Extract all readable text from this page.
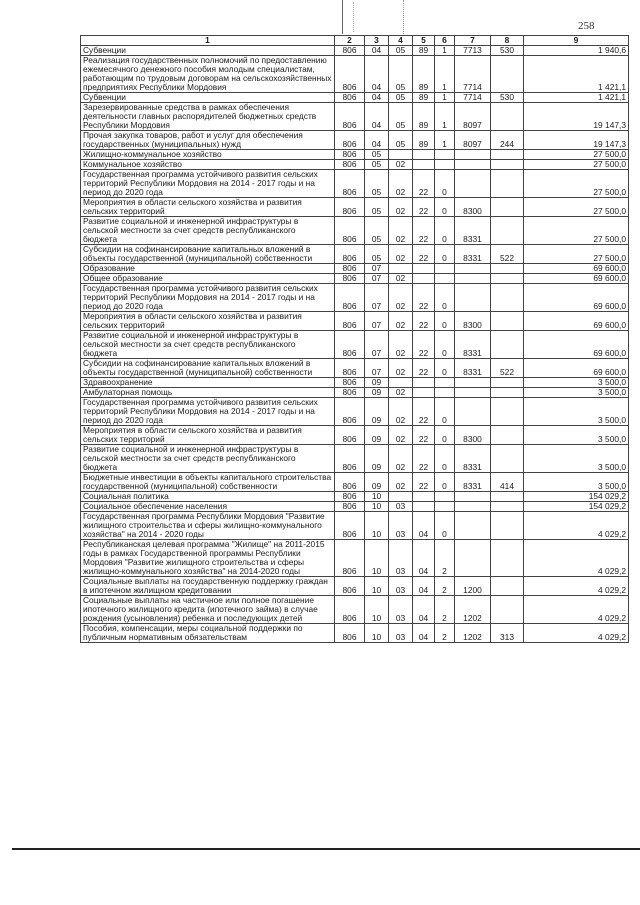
258
1	2	3	4	5	6	7	8	9
Субвенции	806	04	05	89	1	7713	530	1 940,6
Реализация государственных полномочий по предоставлению ежемесячного денежного пособия молодым специалистам, работающим по трудовым договорам на сельскохозяйственных предприятиях Республики Мордовия	806	04	05	89	1	7714		1 421,1
Субвенции	806	04	05	89	1	7714	530	1 421,1
Зарезервированные средства в рамках обеспечения деятельности главных распорядителей бюджетных средств Республики Мордовия	806	04	05	89	1	8097		19 147,3
Прочая закупка товаров, работ и услуг для обеспечения государственных (муниципальных) нужд	806	04	05	89	1	8097	244	19 147,3
Жилищно-коммунальное хозяйство	806	05						27 500,0
Коммунальное хозяйство	806	05	02					27 500,0
Государственная программа устойчивого развития сельских территорий Республики Мордовия на 2014 - 2017 годы и на период до 2020 года	806	05	02	22	0			27 500,0
Мероприятия в области сельского хозяйства и развития сельских территорий	806	05	02	22	0	8300		27 500,0
Развитие социальной и инженерной инфраструктуры в сельской местности за счет средств республиканского бюджета	806	05	02	22	0	8331		27 500,0
Субсидии на софинансирование капитальных вложений в объекты государственной (муниципальной) собственности	806	05	02	22	0	8331	522	27 500,0
Образование	806	07						69 600,0
Общее образование	806	07	02					69 600,0
Государственная программа устойчивого развития сельских территорий Республики Мордовия на 2014 - 2017 годы и на период до 2020 года	806	07	02	22	0			69 600,0
Мероприятия в области сельского хозяйства и развития сельских территорий	806	07	02	22	0	8300		69 600,0
Развитие социальной и инженерной инфраструктуры в сельской местности за счет средств республиканского бюджета	806	07	02	22	0	8331		69 600,0
Субсидии на софинансирование капитальных вложений в объекты государственной (муниципальной) собственности	806	07	02	22	0	8331	522	69 600,0
Здравоохранение	806	09						3 500,0
Амбулаторная помощь	806	09	02					3 500,0
Государственная программа устойчивого развития сельских территорий Республики Мордовия на 2014 - 2017 годы и на период до 2020 года	806	09	02	22	0			3 500,0
Мероприятия в области сельского хозяйства и развития сельских территорий	806	09	02	22	0	8300		3 500,0
Развитие социальной и инженерной инфраструктуры в сельской местности за счет средств республиканского бюджета	806	09	02	22	0	8331		3 500,0
Бюджетные инвестиции в объекты капитального строительства государственной (муниципальной) собственности	806	09	02	22	0	8331	414	3 500,0
Социальная политика	806	10						154 029,2
Социальное обеспечение населения	806	10	03					154 029,2
Государственная программа Республики Мордовия "Развитие жилищного строительства и сферы жилищно-коммунального хозяйства" на 2014 - 2020 годы	806	10	03	04	0			4 029,2
Республиканская целевая программа "Жилище" на 2011-2015 годы в рамках Государственной программы Республики Мордовия "Развитие жилищного строительства и сферы жилищно-коммунального хозяйства" на 2014-2020 годы	806	10	03	04	2			4 029,2
Социальные выплаты на государственную поддержку граждан в ипотечном жилищном кредитовании	806	10	03	04	2	1200		4 029,2
Социальные выплаты на частичное или полное погашение ипотечного жилищного кредита (ипотечного займа) в случае рождения (усыновления) ребенка и последующих детей	806	10	03	04	2	1202		4 029,2
Пособия, компенсации, меры социальной поддержки по публичным нормативным обязательствам	806	10	03	04	2	1202	313	4 029,2
